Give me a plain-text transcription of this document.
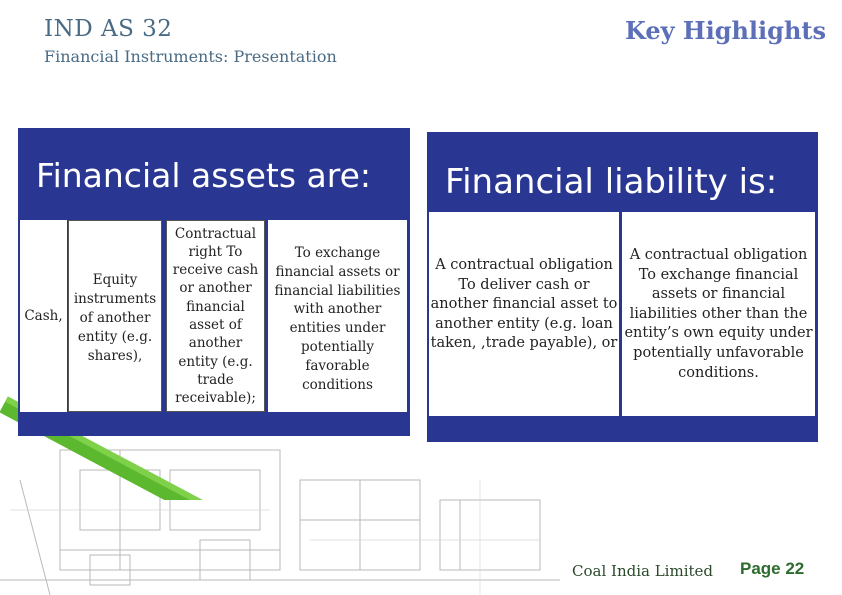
IND AS 32
Financial Instruments: Presentation
Key Highlights
Financial assets are:
Cash,
Equity instruments of another entity (e.g. shares),
Contractual right To receive cash or another financial asset of another entity (e.g. trade receivable);
To exchange financial assets or financial liabilities with another entities under potentially favorable conditions
Financial liability is:
A contractual obligation To deliver cash or another financial asset to another entity (e.g. loan taken, ,trade payable), or
A contractual obligation To exchange financial assets or financial liabilities other than the entity’s own equity under potentially unfavorable conditions.
Coal India Limited Page 22
